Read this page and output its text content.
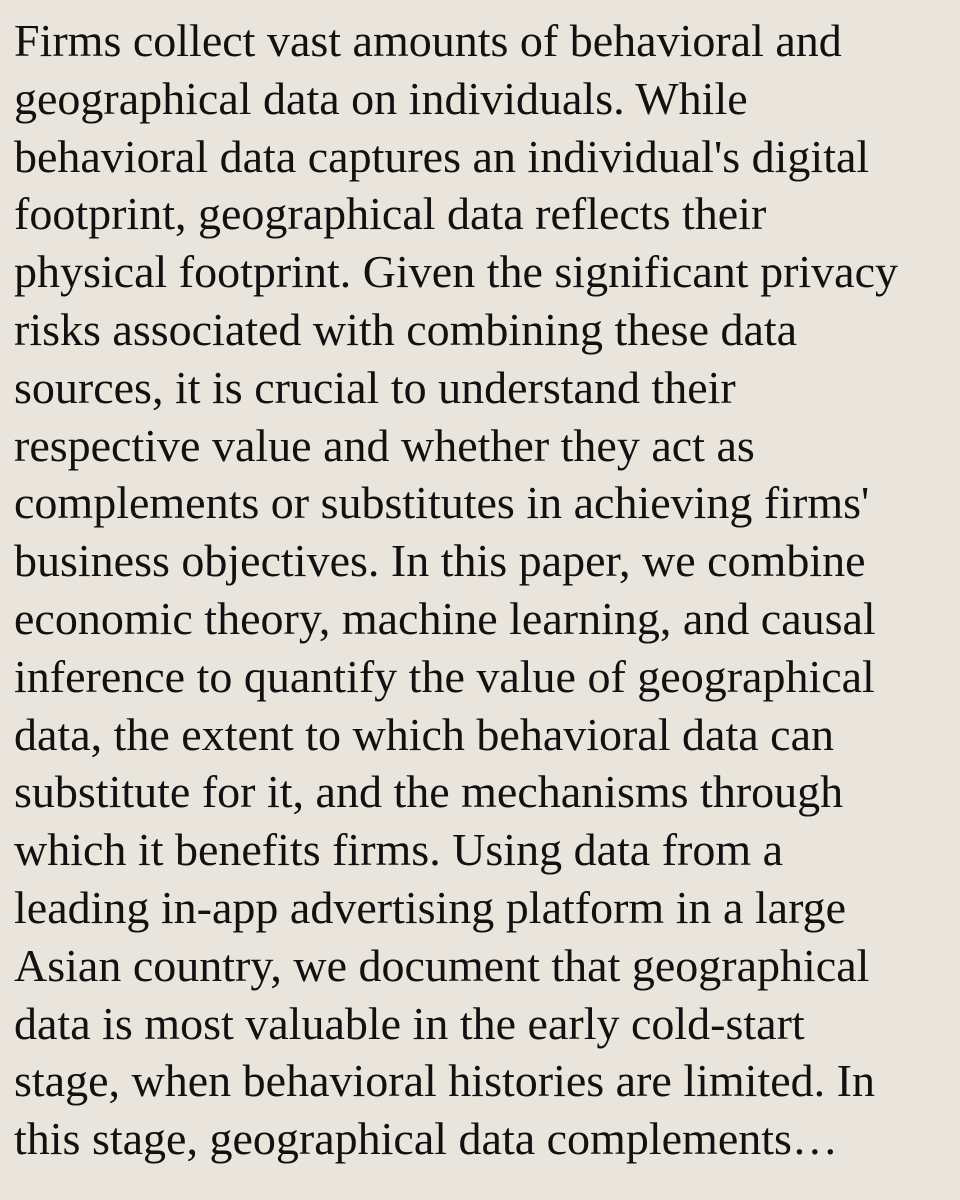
Firms collect vast amounts of behavioral and
geographical data on individuals. While
behavioral data captures an individual's digital
footprint, geographical data reflects their
physical footprint. Given the significant privacy
risks associated with combining these data
sources, it is crucial to understand their
respective value and whether they act as
complements or substitutes in achieving firms'
business objectives. In this paper, we combine
economic theory, machine learning, and causal
inference to quantify the value of geographical
data, the extent to which behavioral data can
substitute for it, and the mechanisms through
which it benefits firms. Using data from a
leading in-app advertising platform in a large
Asian country, we document that geographical
data is most valuable in the early cold-start
stage, when behavioral histories are limited. In
this stage, geographical data complements…
